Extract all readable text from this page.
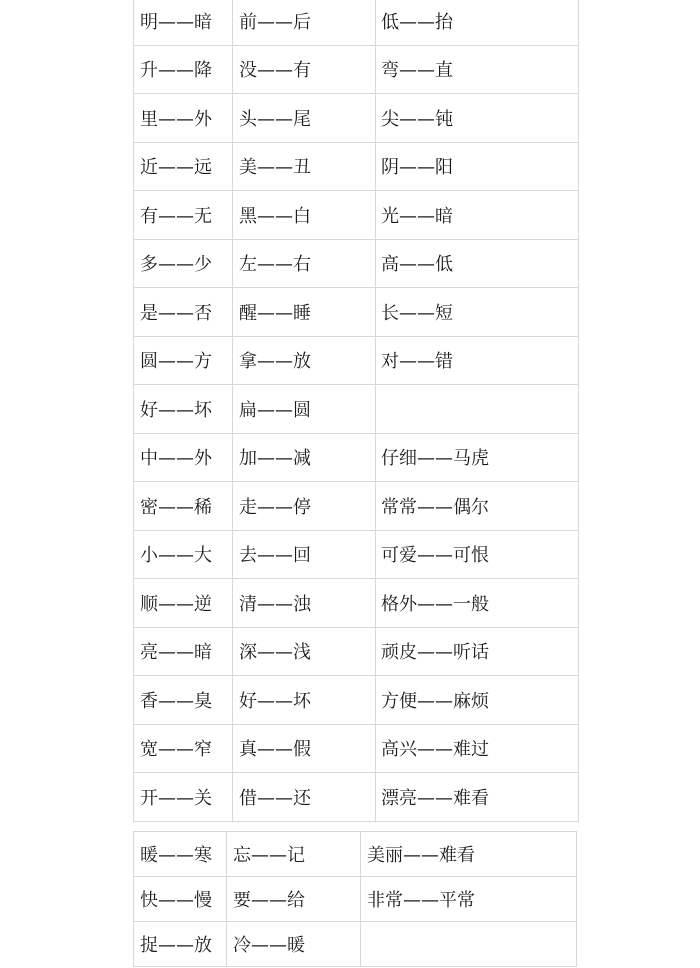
明——暗	前——后	低——抬
升——降	没——有	弯——直
里——外	头——尾	尖——钝
近——远	美——丑	阴——阳
有——无	黑——白	光——暗
多——少	左——右	高——低
是——否	醒——睡	长——短
圆——方	拿——放	对——错
好——坏	扁——圆	
中——外	加——减	仔细——马虎
密——稀	走——停	常常——偶尔
小——大	去——回	可爱——可恨
顺——逆	清——浊	格外——一般
亮——暗	深——浅	顽皮——听话
香——臭	好——坏	方便——麻烦
宽——窄	真——假	高兴——难过
开——关	借——还	漂亮——难看
暖——寒	忘——记	美丽——难看
快——慢	要——给	非常——平常
捉——放	冷——暖	
